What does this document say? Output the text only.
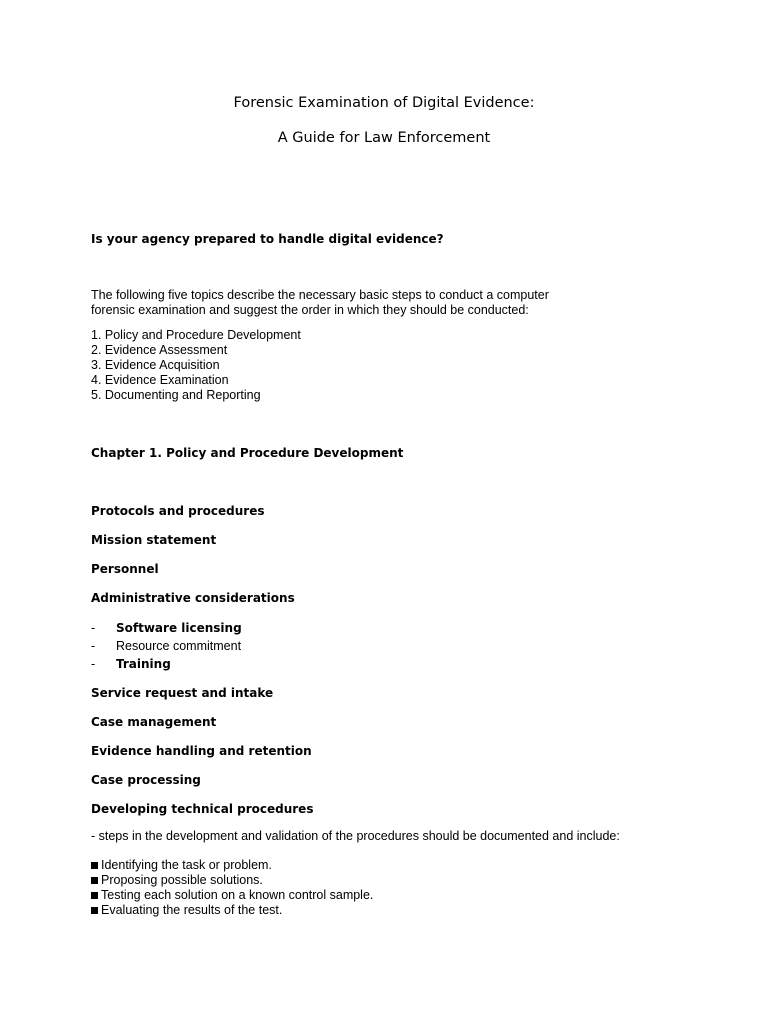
Forensic Examination of Digital Evidence:
A Guide for Law Enforcement
Is your agency prepared to handle digital evidence?
The following five topics describe the necessary basic steps to conduct a computer
forensic examination and suggest the order in which they should be conducted:
1. Policy and Procedure Development
2. Evidence Assessment
3. Evidence Acquisition
4. Evidence Examination
5. Documenting and Reporting
Chapter 1. Policy and Procedure Development
Protocols and procedures
Mission statement
Personnel
Administrative considerations
- Software licensing
- Resource commitment
- Training
Service request and intake
Case management
Evidence handling and retention
Case processing
Developing technical procedures
- steps in the development and validation of the procedures should be documented and include:
Identifying the task or problem.
Proposing possible solutions.
Testing each solution on a known control sample.
Evaluating the results of the test.
